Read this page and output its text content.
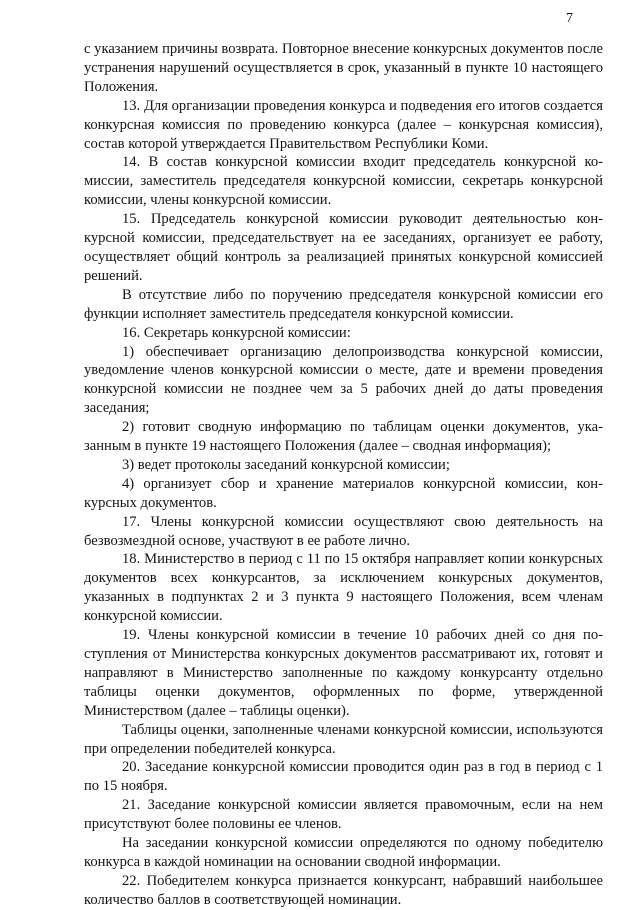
7

с указанием причины возврата. Повторное внесение конкурсных документов после устранения нарушений осуществляется в срок, указанный в пункте 10 настоящего Положения.

13. Для организации проведения конкурса и подведения его итогов создается конкурсная комиссия по проведению конкурса (далее – конкурсная комиссия), состав которой утверждается Правительством Республики Коми.

14. В состав конкурсной комиссии входит председатель конкурсной комиссии, заместитель председателя конкурсной комиссии, секретарь конкурсной комиссии, члены конкурсной комиссии.

15. Председатель конкурсной комиссии руководит деятельностью конкурсной комиссии, председательствует на ее заседаниях, организует ее работу, осуществляет общий контроль за реализацией принятых конкурсной комиссией решений.

В отсутствие либо по поручению председателя конкурсной комиссии его функции исполняет заместитель председателя конкурсной комиссии.

16. Секретарь конкурсной комиссии:

1) обеспечивает организацию делопроизводства конкурсной комиссии, уведомление членов конкурсной комиссии о месте, дате и времени проведения конкурсной комиссии не позднее чем за 5 рабочих дней до даты проведения заседания;

2) готовит сводную информацию по таблицам оценки документов, указанным в пункте 19 настоящего Положения (далее – сводная информация);

3) ведет протоколы заседаний конкурсной комиссии;

4) организует сбор и хранение материалов конкурсной комиссии, конкурсных документов.

17. Члены конкурсной комиссии осуществляют свою деятельность на безвозмездной основе, участвуют в ее работе лично.

18. Министерство в период с 11 по 15 октября направляет копии конкурсных документов всех конкурсантов, за исключением конкурсных документов, указанных в подпунктах 2 и 3 пункта 9 настоящего Положения, всем членам конкурсной комиссии.

19. Члены конкурсной комиссии в течение 10 рабочих дней со дня поступления от Министерства конкурсных документов рассматривают их, готовят и направляют в Министерство заполненные по каждому конкурсанту отдельно таблицы оценки документов, оформленных по форме, утвержденной Министерством (далее – таблицы оценки).

Таблицы оценки, заполненные членами конкурсной комиссии, используются при определении победителей конкурса.

20. Заседание конкурсной комиссии проводится один раз в год в период с 1 по 15 ноября.

21. Заседание конкурсной комиссии является правомочным, если на нем присутствуют более половины ее членов.

На заседании конкурсной комиссии определяются по одному победителю конкурса в каждой номинации на основании сводной информации.

22. Победителем конкурса признается конкурсант, набравший наибольшее количество баллов в соответствующей номинации.
